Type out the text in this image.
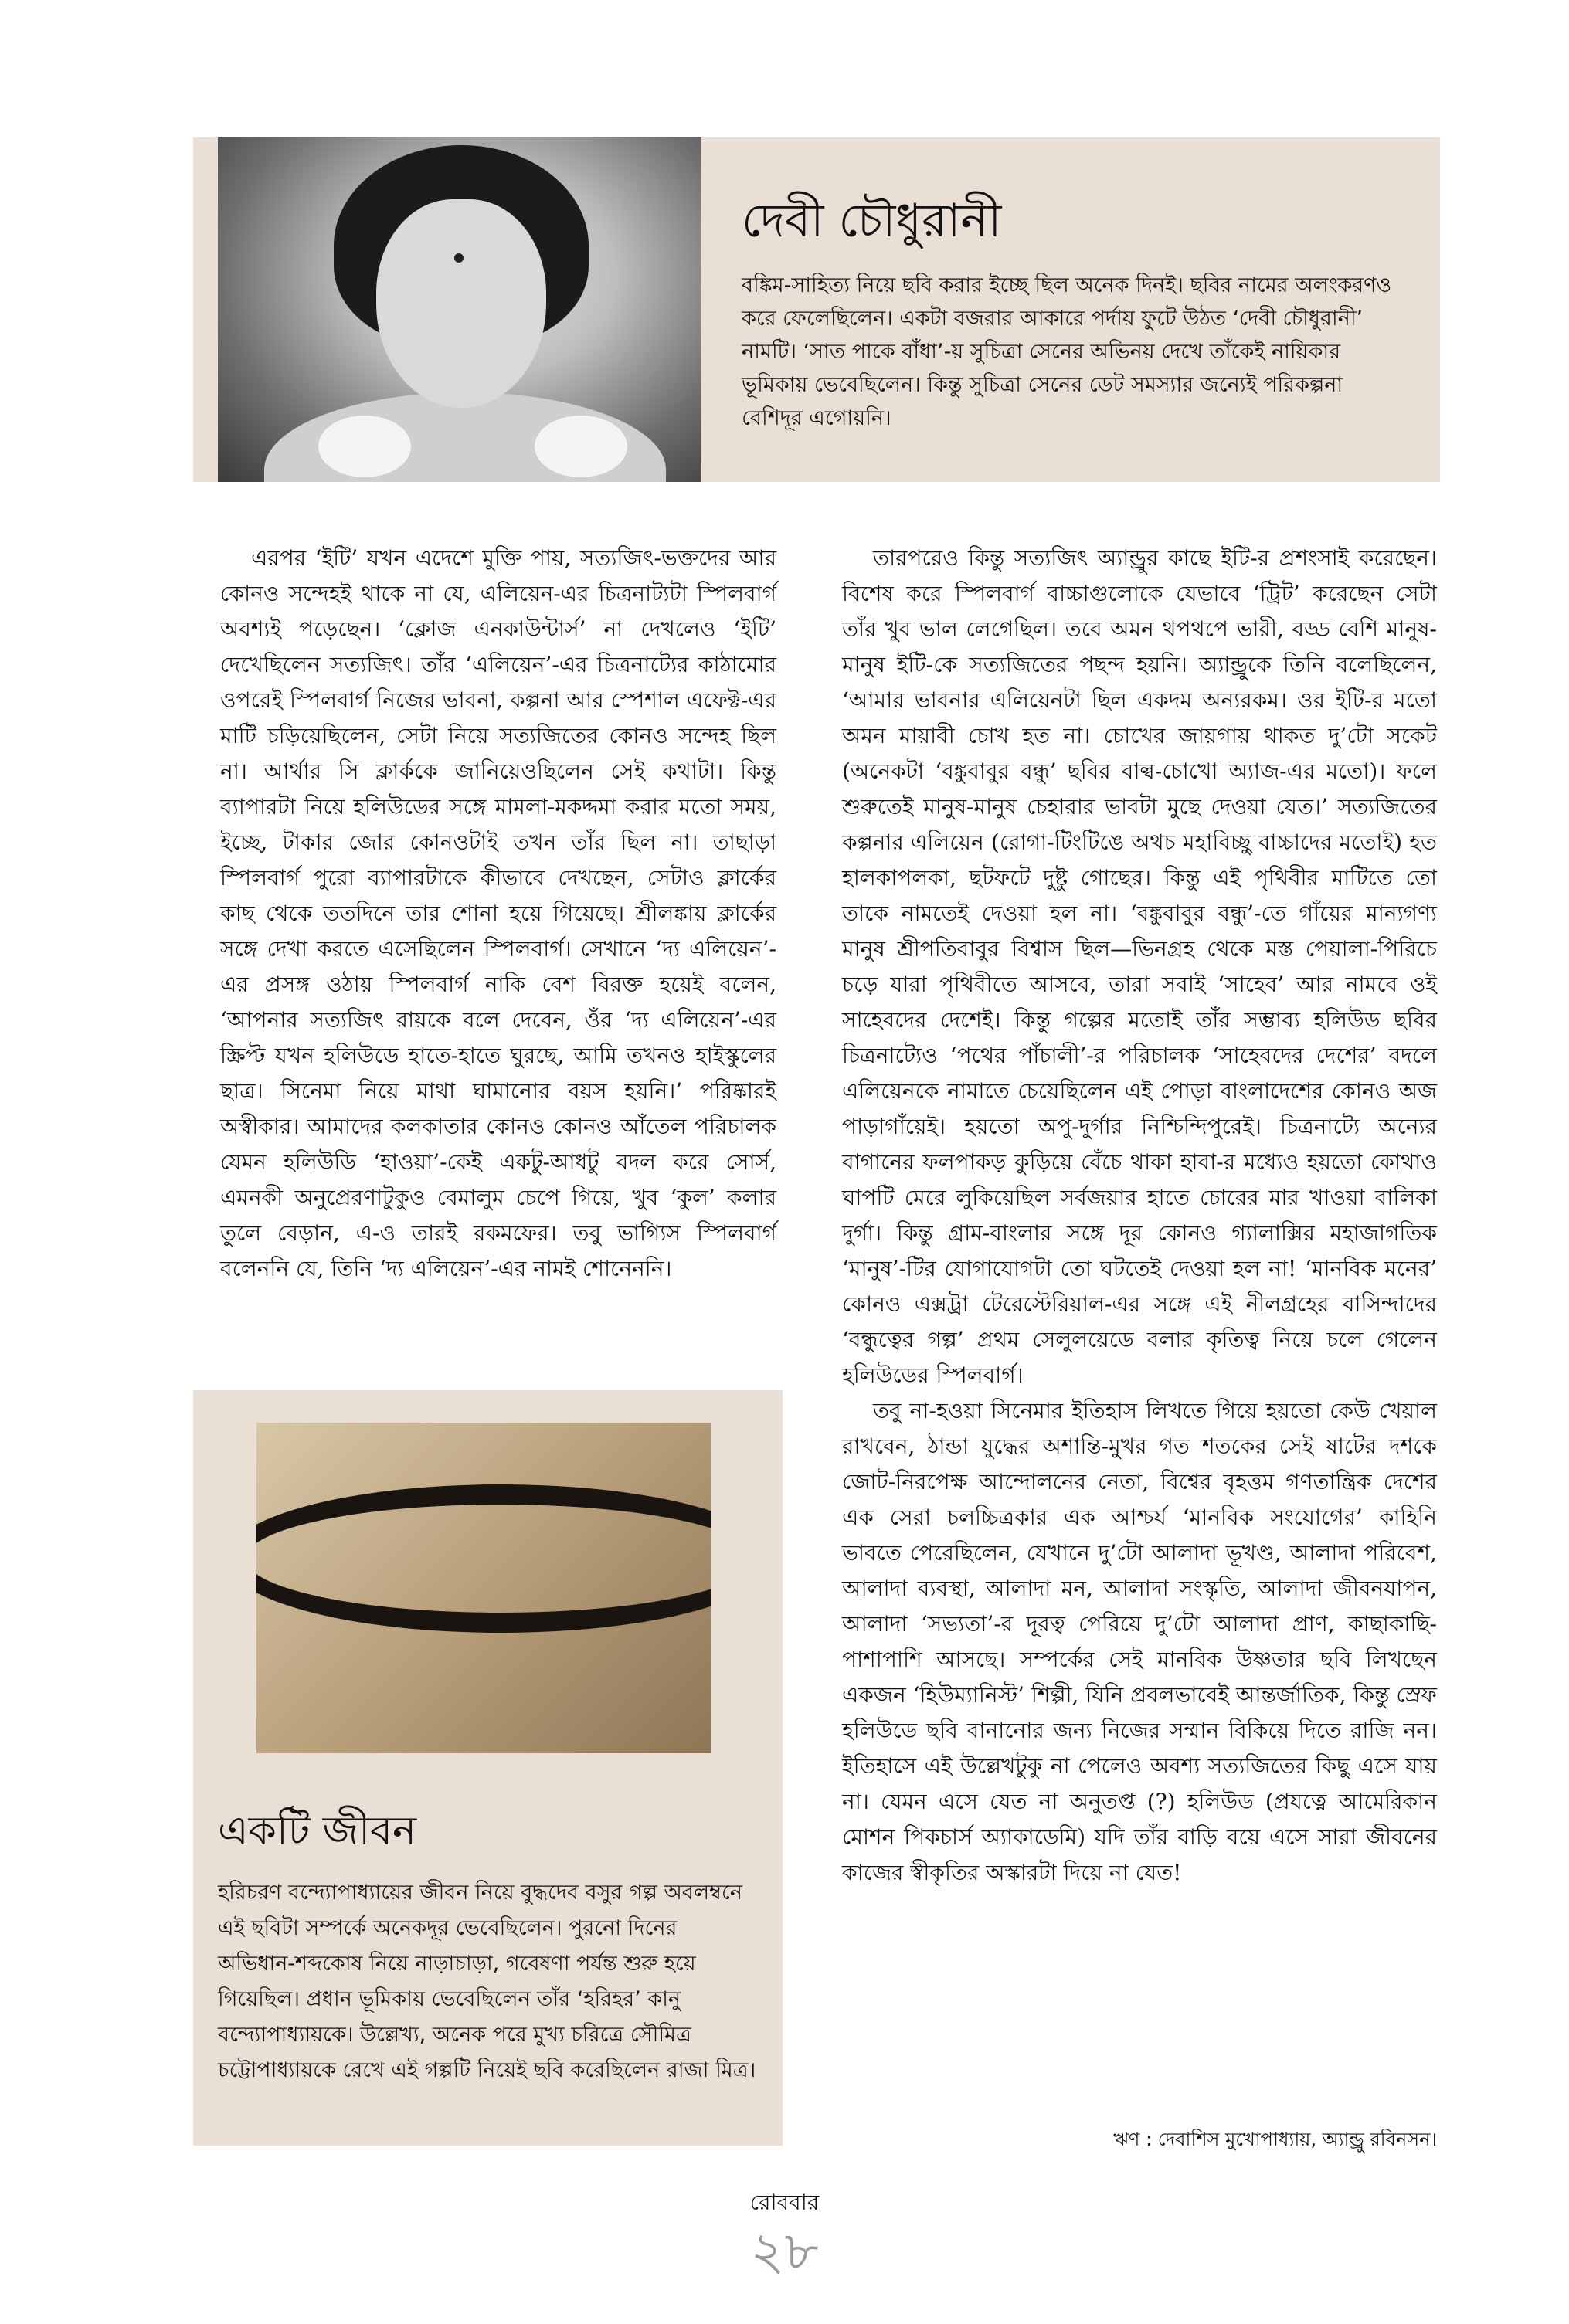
দেবী চৌধুরানী

বঙ্কিম-সাহিত্য নিয়ে ছবি করার ইচ্ছে ছিল অনেক দিনই। ছবির নামের অলংকরণও করে ফেলেছিলেন। একটা বজরার আকারে পর্দায় ফুটে উঠত ‘দেবী চৌধুরানী’ নামটি। ‘সাত পাকে বাঁধা’-য় সুচিত্রা সেনের অভিনয় দেখে তাঁকেই নায়িকার ভূমিকায় ভেবেছিলেন। কিন্তু সুচিত্রা সেনের ডেট সমস্যার জন্যেই পরিকল্পনা বেশিদূর এগোয়নি।

এরপর ‘ইটি’ যখন এদেশে মুক্তি পায়, সত্যজিৎ-ভক্তদের আর কোনও সন্দেহই থাকে না যে, এলিয়েন-এর চিত্রনাট্যটা স্পিলবার্গ অবশ্যই পড়েছেন। ‘ক্লোজ এনকাউন্টার্স’ না দেখলেও ‘ইটি’ দেখেছিলেন সত্যজিৎ। তাঁর ‘এলিয়েন’-এর চিত্রনাট্যের কাঠামোর ওপরেই স্পিলবার্গ নিজের ভাবনা, কল্পনা আর স্পেশাল এফেক্ট-এর মাটি চড়িয়েছিলেন, সেটা নিয়ে সত্যজিতের কোনও সন্দেহ ছিল না। আর্থার সি ক্লার্ককে জানিয়েওছিলেন সেই কথাটা। কিন্তু ব্যাপারটা নিয়ে হলিউডের সঙ্গে মামলা-মকদ্দমা করার মতো সময়, ইচ্ছে, টাকার জোর কোনওটাই তখন তাঁর ছিল না। তাছাড়া স্পিলবার্গ পুরো ব্যাপারটাকে কীভাবে দেখছেন, সেটাও ক্লার্কের কাছ থেকে ততদিনে তার শোনা হয়ে গিয়েছে। শ্রীলঙ্কায় ক্লার্কের সঙ্গে দেখা করতে এসেছিলেন স্পিলবার্গ। সেখানে ‘দ্য এলিয়েন’-এর প্রসঙ্গ ওঠায় স্পিলবার্গ নাকি বেশ বিরক্ত হয়েই বলেন, ‘আপনার সত্যজিৎ রায়কে বলে দেবেন, ওঁর ‘দ্য এলিয়েন’-এর স্ক্রিপ্ট যখন হলিউডে হাতে-হাতে ঘুরছে, আমি তখনও হাইস্কুলের ছাত্র। সিনেমা নিয়ে মাথা ঘামানোর বয়স হয়নি।’ পরিষ্কারই অস্বীকার। আমাদের কলকাতার কোনও কোনও আঁতেল পরিচালক যেমন হলিউডি ‘হাওয়া’-কেই একটু-আধটু বদল করে সোর্স, এমনকী অনুপ্রেরণাটুকুও বেমালুম চেপে গিয়ে, খুব ‘কুল’ কলার তুলে বেড়ান, এ-ও তারই রকমফের। তবু ভাগ্যিস স্পিলবার্গ বলেননি যে, তিনি ‘দ্য এলিয়েন’-এর নামই শোনেননি।

তারপরেও কিন্তু সত্যজিৎ অ্যান্ড্রুর কাছে ইটি-র প্রশংসাই করেছেন। বিশেষ করে স্পিলবার্গ বাচ্চাগুলোকে যেভাবে ‘ট্রিট’ করেছেন সেটা তাঁর খুব ভাল লেগেছিল। তবে অমন থপথপে ভারী, বড্ড বেশি মানুষ-মানুষ ইটি-কে সত্যজিতের পছন্দ হয়নি। অ্যান্ড্রুকে তিনি বলেছিলেন, ‘আমার ভাবনার এলিয়েনটা ছিল একদম অন্যরকম। ওর ইটি-র মতো অমন মায়াবী চোখ হত না। চোখের জায়গায় থাকত দু’টো সকেট (অনেকটা ‘বঙ্কুবাবুর বন্ধু’ ছবির বাল্ব-চোখো অ্যাজ-এর মতো)। ফলে শুরুতেই মানুষ-মানুষ চেহারার ভাবটা মুছে দেওয়া যেত।’ সত্যজিতের কল্পনার এলিয়েন (রোগা-টিংটিঙে অথচ মহাবিচ্ছু বাচ্চাদের মতোই) হত হালকাপলকা, ছটফটে দুষ্টু গোছের। কিন্তু এই পৃথিবীর মাটিতে তো তাকে নামতেই দেওয়া হল না। ‘বঙ্কুবাবুর বন্ধু’-তে গাঁয়ের মান্যগণ্য মানুষ শ্রীপতিবাবুর বিশ্বাস ছিল—ভিনগ্রহ থেকে মস্ত পেয়ালা-পিরিচে চড়ে যারা পৃথিবীতে আসবে, তারা সবাই ‘সাহেব’ আর নামবে ওই সাহেবদের দেশেই। কিন্তু গল্পের মতোই তাঁর সম্ভাব্য হলিউড ছবির চিত্রনাট্যেও ‘পথের পাঁচালী’-র পরিচালক ‘সাহেবদের দেশের’ বদলে এলিয়েনকে নামাতে চেয়েছিলেন এই পোড়া বাংলাদেশের কোনও অজ পাড়াগাঁয়েই। হয়তো অপু-দুর্গার নিশ্চিন্দিপুরেই। চিত্রনাট্যে অন্যের বাগানের ফলপাকড় কুড়িয়ে বেঁচে থাকা হাবা-র মধ্যেও হয়তো কোথাও ঘাপটি মেরে লুকিয়েছিল সর্বজয়ার হাতে চোরের মার খাওয়া বালিকা দুর্গা। কিন্তু গ্রাম-বাংলার সঙ্গে দূর কোনও গ্যালাক্সির মহাজাগতিক ‘মানুষ’-টির যোগাযোগটা তো ঘটতেই দেওয়া হল না! ‘মানবিক মনের’ কোনও এক্সট্রা টেরেস্টেরিয়াল-এর সঙ্গে এই নীলগ্রহের বাসিন্দাদের ‘বন্ধুত্বের গল্প’ প্রথম সেলুলয়েডে বলার কৃতিত্ব নিয়ে চলে গেলেন হলিউডের স্পিলবার্গ।

তবু না-হওয়া সিনেমার ইতিহাস লিখতে গিয়ে হয়তো কেউ খেয়াল রাখবেন, ঠান্ডা যুদ্ধের অশান্তি-মুখর গত শতকের সেই ষাটের দশকে জোট-নিরপেক্ষ আন্দোলনের নেতা, বিশ্বের বৃহত্তম গণতান্ত্রিক দেশের এক সেরা চলচ্চিত্রকার এক আশ্চর্য ‘মানবিক সংযোগের’ কাহিনি ভাবতে পেরেছিলেন, যেখানে দু’টো আলাদা ভূখণ্ড, আলাদা পরিবেশ, আলাদা ব্যবস্থা, আলাদা মন, আলাদা সংস্কৃতি, আলাদা জীবনযাপন, আলাদা ‘সভ্যতা’-র দূরত্ব পেরিয়ে দু’টো আলাদা প্রাণ, কাছাকাছি-পাশাপাশি আসছে। সম্পর্কের সেই মানবিক উষ্ণতার ছবি লিখছেন একজন ‘হিউম্যানিস্ট’ শিল্পী, যিনি প্রবলভাবেই আন্তর্জাতিক, কিন্তু স্রেফ হলিউডে ছবি বানানোর জন্য নিজের সম্মান বিকিয়ে দিতে রাজি নন। ইতিহাসে এই উল্লেখটুকু না পেলেও অবশ্য সত্যজিতের কিছু এসে যায় না। যেমন এসে যেত না অনুতপ্ত (?) হলিউড (প্রযত্নে আমেরিকান মোশন পিকচার্স অ্যাকাডেমি) যদি তাঁর বাড়ি বয়ে এসে সারা জীবনের কাজের স্বীকৃতির অস্কারটা দিয়ে না যেত!

একটি জীবন

হরিচরণ বন্দ্যোপাধ্যায়ের জীবন নিয়ে বুদ্ধদেব বসুর গল্প অবলম্বনে এই ছবিটা সম্পর্কে অনেকদূর ভেবেছিলেন। পুরনো দিনের অভিধান-শব্দকোষ নিয়ে নাড়াচাড়া, গবেষণা পর্যন্ত শুরু হয়ে গিয়েছিল। প্রধান ভূমিকায় ভেবেছিলেন তাঁর ‘হরিহর’ কানু বন্দ্যোপাধ্যায়কে। উল্লেখ্য, অনেক পরে মুখ্য চরিত্রে সৌমিত্র চট্টোপাধ্যায়কে রেখে এই গল্পটি নিয়েই ছবি করেছিলেন রাজা মিত্র।

ঋণ : দেবাশিস মুখোপাধ্যায়, অ্যান্ড্রু রবিনসন।
রোববার
২৮
